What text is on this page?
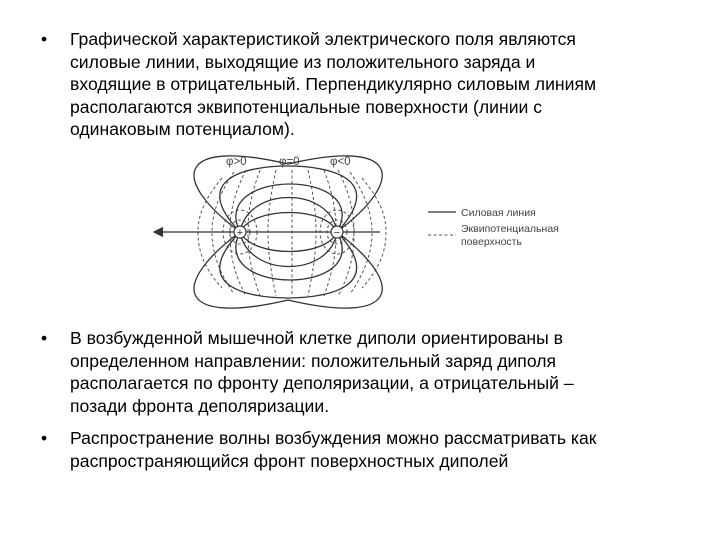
• Графической характеристикой электрического поля являются
силовые линии, выходящие из положительного заряда и
входящие в отрицательный. Перпендикулярно силовым линиям
располагаются эквипотенциальные поверхности (линии с
одинаковым потенциалом).
φ>0	φ=0	φ<0
+	−
Силовая линия
Эквипотенциальная
поверхность
• В возбужденной мышечной клетке диполи ориентированы в
определенном направлении: положительный заряд диполя
располагается по фронту деполяризации, а отрицательный –
позади фронта деполяризации.
• Распространение волны возбуждения можно рассматривать как
распространяющийся фронт поверхностных диполей
